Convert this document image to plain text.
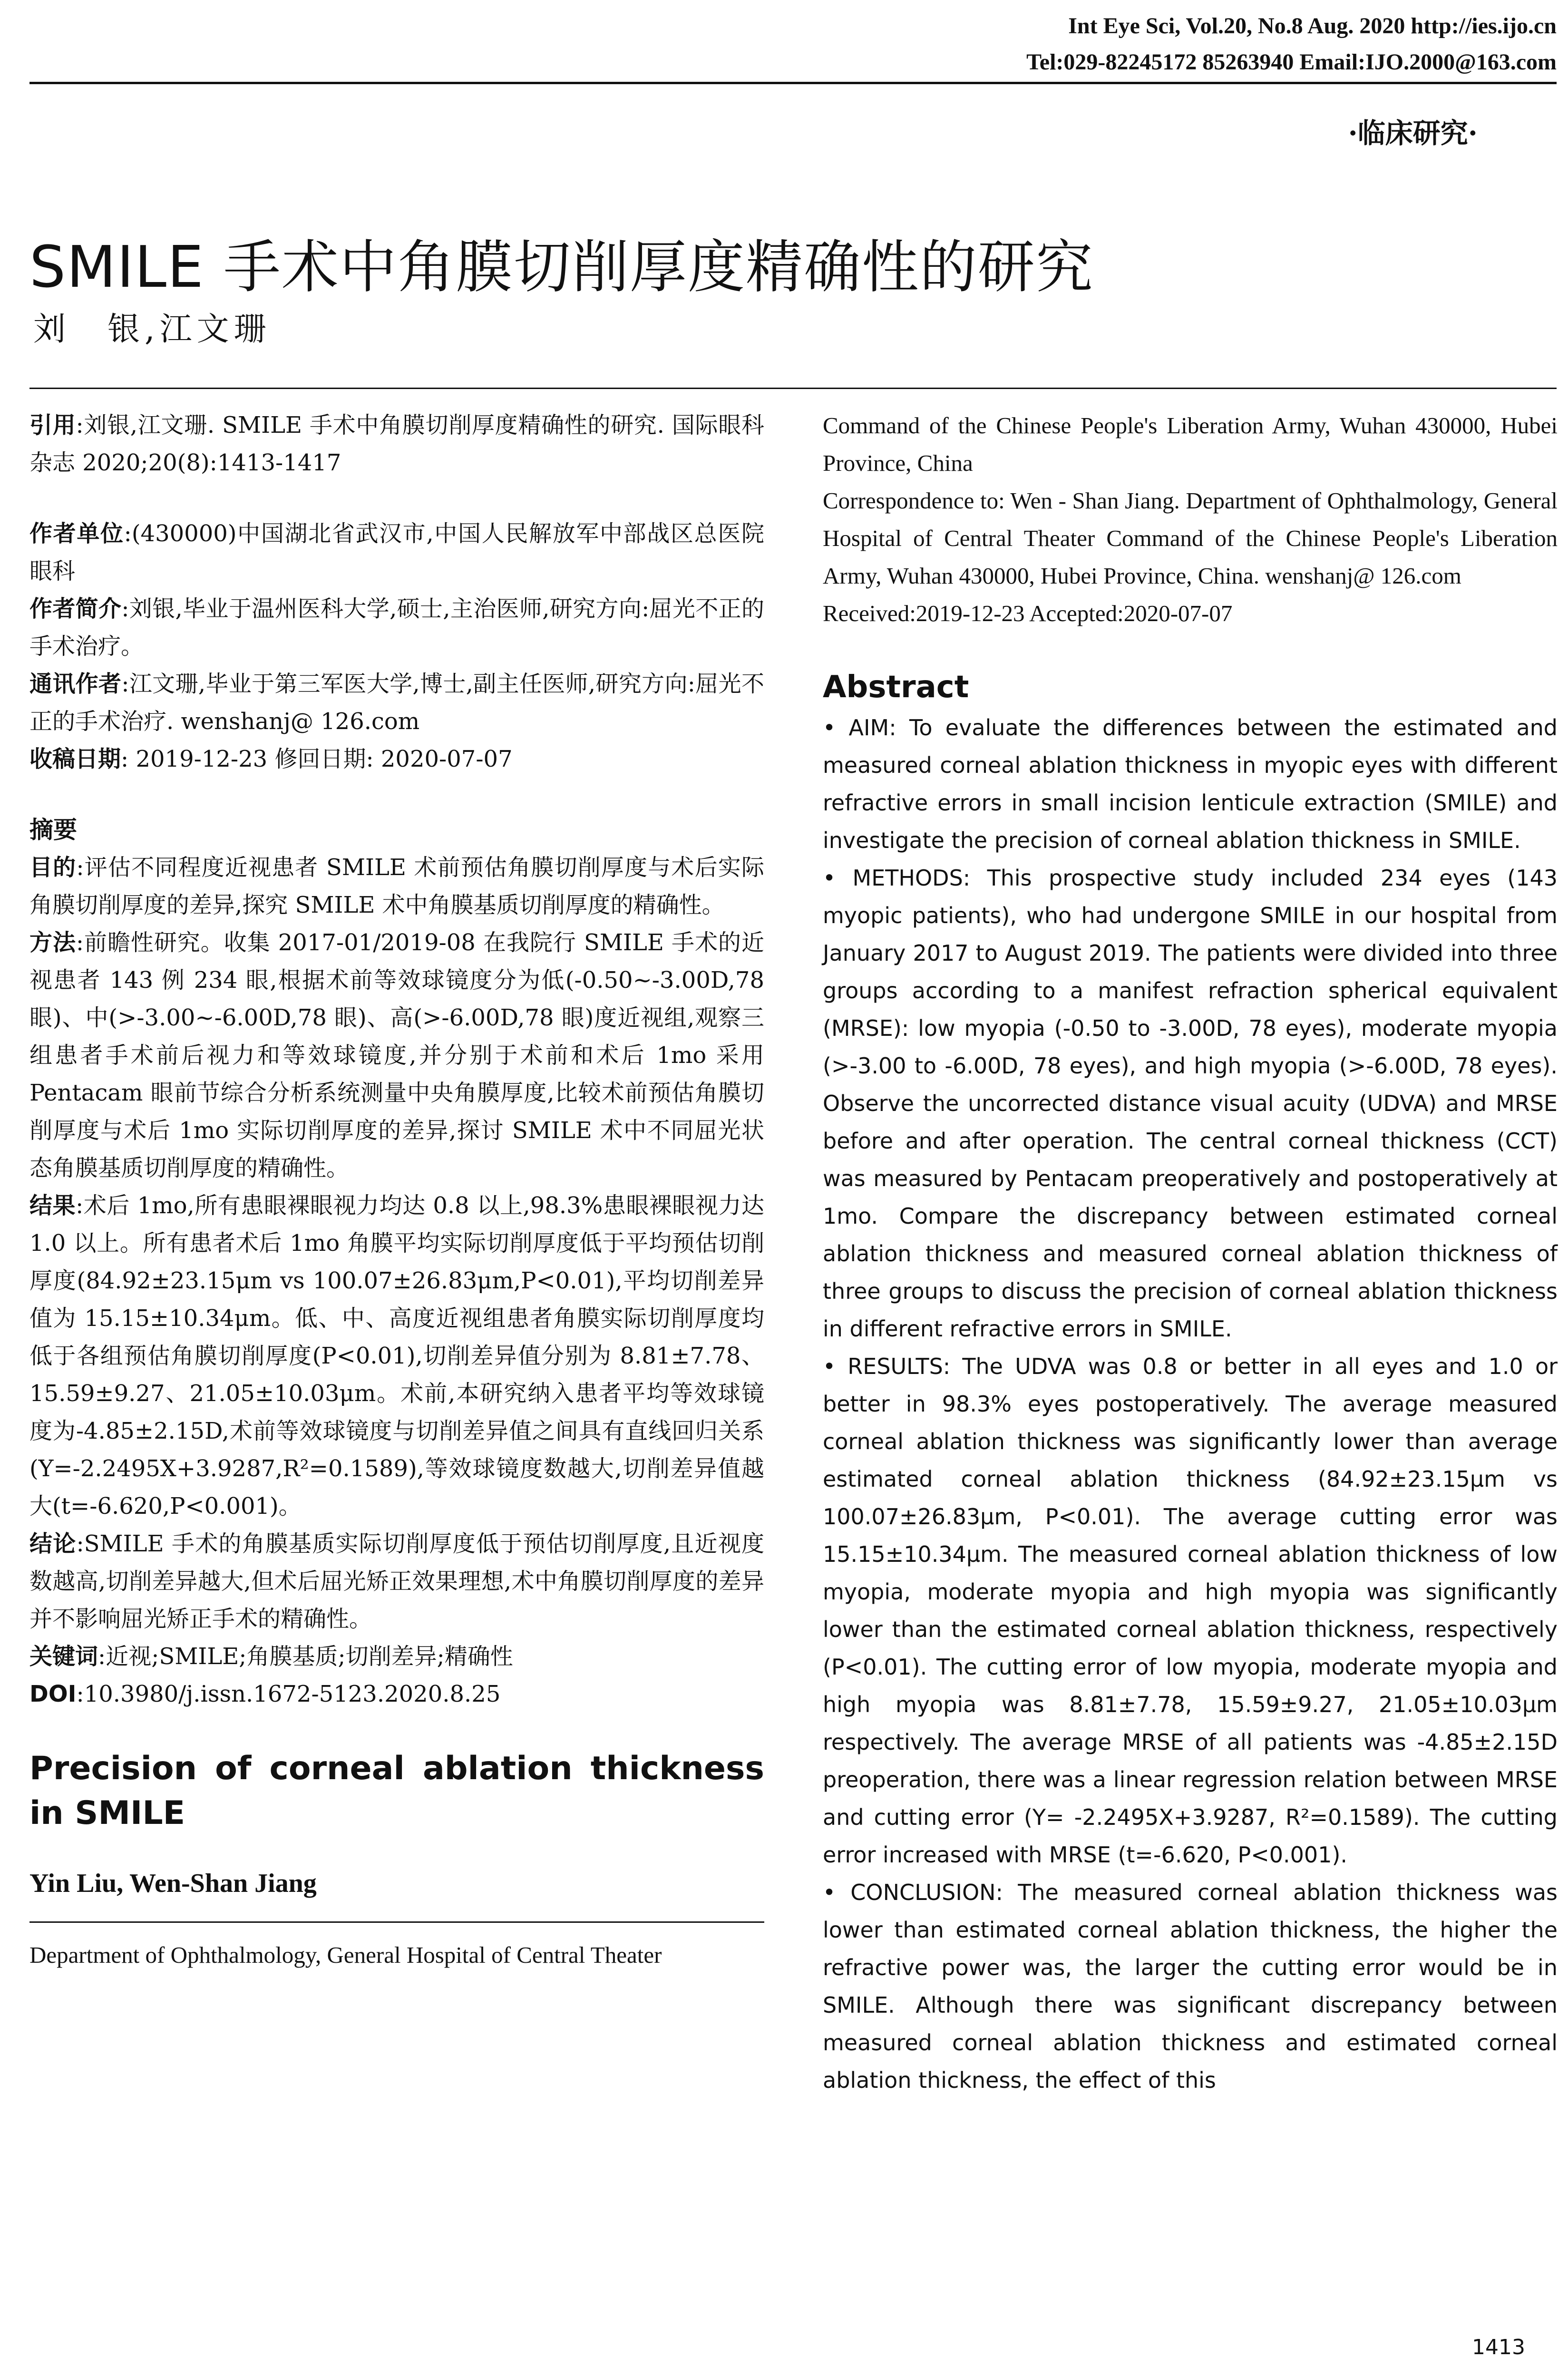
Int Eye Sci, Vol.20, No.8 Aug. 2020 http://ies.ijo.cn
Tel:029-82245172 85263940 Email:IJO.2000@163.com
·临床研究·
SMILE 手术中角膜切削厚度精确性的研究
刘　银,江文珊

引用:刘银,江文珊. SMILE 手术中角膜切削厚度精确性的研究. 国际眼科杂志 2020;20(8):1413-1417

作者单位:(430000)中国湖北省武汉市,中国人民解放军中部战区总医院眼科

作者简介:刘银,毕业于温州医科大学,硕士,主治医师,研究方向:屈光不正的手术治疗。

通讯作者:江文珊,毕业于第三军医大学,博士,副主任医师,研究方向:屈光不正的手术治疗. wenshanj@ 126.com

收稿日期: 2019-12-23 修回日期: 2020-07-07

摘要

目的:评估不同程度近视患者 SMILE 术前预估角膜切削厚度与术后实际角膜切削厚度的差异,探究 SMILE 术中角膜基质切削厚度的精确性。

方法:前瞻性研究。收集 2017-01/2019-08 在我院行 SMILE 手术的近视患者 143 例 234 眼,根据术前等效球镜度分为低(-0.50~-3.00D,78 眼)、中(>-3.00~-6.00D,78 眼)、高(>-6.00D,78 眼)度近视组,观察三组患者手术前后视力和等效球镜度,并分别于术前和术后 1mo 采用 Pentacam 眼前节综合分析系统测量中央角膜厚度,比较术前预估角膜切削厚度与术后 1mo 实际切削厚度的差异,探讨 SMILE 术中不同屈光状态角膜基质切削厚度的精确性。

结果:术后 1mo,所有患眼裸眼视力均达 0.8 以上,98.3%患眼裸眼视力达 1.0 以上。所有患者术后 1mo 角膜平均实际切削厚度低于平均预估切削厚度(84.92±23.15μm vs 100.07±26.83μm,P<0.01),平均切削差异值为 15.15±10.34μm。低、中、高度近视组患者角膜实际切削厚度均低于各组预估角膜切削厚度(P<0.01),切削差异值分别为 8.81±7.78、15.59±9.27、21.05±10.03μm。术前,本研究纳入患者平均等效球镜度为-4.85±2.15D,术前等效球镜度与切削差异值之间具有直线回归关系(Y=-2.2495X+3.9287,R²=0.1589),等效球镜度数越大,切削差异值越大(t=-6.620,P<0.001)。

结论:SMILE 手术的角膜基质实际切削厚度低于预估切削厚度,且近视度数越高,切削差异越大,但术后屈光矫正效果理想,术中角膜切削厚度的差异并不影响屈光矫正手术的精确性。

关键词:近视;SMILE;角膜基质;切削差异;精确性

DOI:10.3980/j.issn.1672-5123.2020.8.25

Precision of corneal ablation thickness in SMILE

Yin Liu, Wen-Shan Jiang

Department of Ophthalmology, General Hospital of Central Theater

Command of the Chinese People's Liberation Army, Wuhan 430000, Hubei Province, China

Correspondence to: Wen - Shan Jiang. Department of Ophthalmology, General Hospital of Central Theater Command of the Chinese People's Liberation Army, Wuhan 430000, Hubei Province, China. wenshanj@ 126.com

Received:2019-12-23 Accepted:2020-07-07

Abstract

• AIM: To evaluate the differences between the estimated and measured corneal ablation thickness in myopic eyes with different refractive errors in small incision lenticule extraction (SMILE) and investigate the precision of corneal ablation thickness in SMILE.

• METHODS: This prospective study included 234 eyes (143 myopic patients), who had undergone SMILE in our hospital from January 2017 to August 2019. The patients were divided into three groups according to a manifest refraction spherical equivalent (MRSE): low myopia (-0.50 to -3.00D, 78 eyes), moderate myopia (>-3.00 to -6.00D, 78 eyes), and high myopia (>-6.00D, 78 eyes). Observe the uncorrected distance visual acuity (UDVA) and MRSE before and after operation. The central corneal thickness (CCT) was measured by Pentacam preoperatively and postoperatively at 1mo. Compare the discrepancy between estimated corneal ablation thickness and measured corneal ablation thickness of three groups to discuss the precision of corneal ablation thickness in different refractive errors in SMILE.

• RESULTS: The UDVA was 0.8 or better in all eyes and 1.0 or better in 98.3% eyes postoperatively. The average measured corneal ablation thickness was significantly lower than average estimated corneal ablation thickness (84.92±23.15μm vs 100.07±26.83μm, P<0.01). The average cutting error was 15.15±10.34μm. The measured corneal ablation thickness of low myopia, moderate myopia and high myopia was significantly lower than the estimated corneal ablation thickness, respectively (P<0.01). The cutting error of low myopia, moderate myopia and high myopia was 8.81±7.78, 15.59±9.27, 21.05±10.03μm respectively. The average MRSE of all patients was -4.85±2.15D preoperation, there was a linear regression relation between MRSE and cutting error (Y= -2.2495X+3.9287, R²=0.1589). The cutting error increased with MRSE (t=-6.620, P<0.001).

• CONCLUSION: The measured corneal ablation thickness was lower than estimated corneal ablation thickness, the higher the refractive power was, the larger the cutting error would be in SMILE. Although there was significant discrepancy between measured corneal ablation thickness and estimated corneal ablation thickness, the effect of this

1413
